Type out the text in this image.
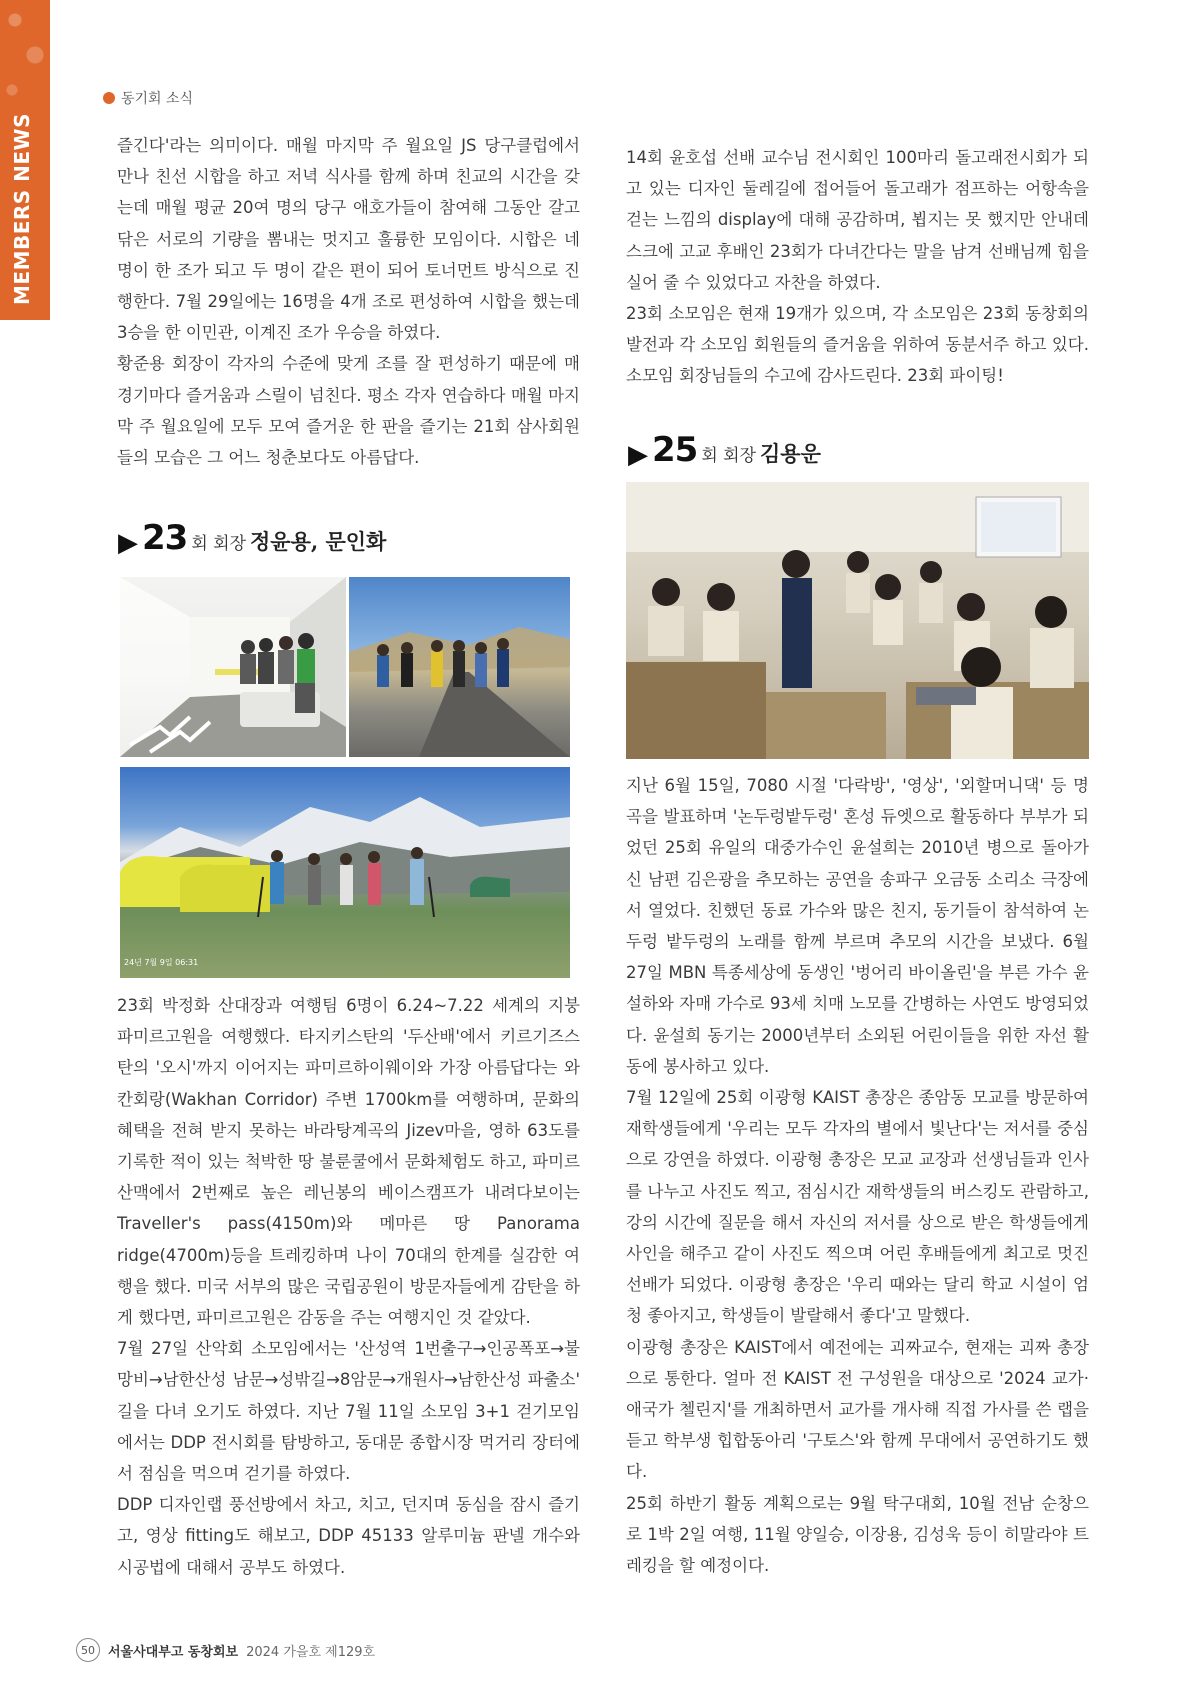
MEMBERS NEWS
동기회 소식

즐긴다'라는 의미이다. 매월 마지막 주 월요일 JS 당구클럽에서 만나 친선 시합을 하고 저녁 식사를 함께 하며 친교의 시간을 갖는데 매월 평균 20여 명의 당구 애호가들이 참여해 그동안 갈고 닦은 서로의 기량을 뽐내는 멋지고 훌륭한 모임이다. 시합은 네 명이 한 조가 되고 두 명이 같은 편이 되어 토너먼트 방식으로 진행한다. 7월 29일에는 16명을 4개 조로 편성하여 시합을 했는데 3승을 한 이민관, 이계진 조가 우승을 하였다.

황준용 회장이 각자의 수준에 맞게 조를 잘 편성하기 때문에 매 경기마다 즐거움과 스릴이 넘친다. 평소 각자 연습하다 매월 마지막 주 월요일에 모두 모여 즐거운 한 판을 즐기는 21회 삼사회원들의 모습은 그 어느 청춘보다도 아름답다.

▶ 23 회 회장 정윤용, 문인화
24년 7월 9일 06:31

23회 박정화 산대장과 여행팀 6명이 6.24~7.22 세계의 지붕 파미르고원을 여행했다. 타지키스탄의 '두산배'에서 키르기즈스탄의 '오시'까지 이어지는 파미르하이웨이와 가장 아름답다는 와칸회랑(Wakhan Corridor) 주변 1700km를 여행하며, 문화의 혜택을 전혀 받지 못하는 바라탕계곡의 Jizev마을, 영하 63도를 기록한 적이 있는 척박한 땅 불룬쿨에서 문화체험도 하고, 파미르산맥에서 2번째로 높은 레닌봉의 베이스캠프가 내려다보이는 Traveller's pass(4150m)와 메마른 땅 Panorama ridge(4700m)등을 트레킹하며 나이 70대의 한계를 실감한 여행을 했다. 미국 서부의 많은 국립공원이 방문자들에게 감탄을 하게 했다면, 파미르고원은 감동을 주는 여행지인 것 같았다.

7월 27일 산악회 소모임에서는 '산성역 1번출구→인공폭포→불망비→남한산성 남문→성밖길→8암문→개원사→남한산성 파출소' 길을 다녀 오기도 하였다. 지난 7월 11일 소모임 3+1 걷기모임에서는 DDP 전시회를 탐방하고, 동대문 종합시장 먹거리 장터에서 점심을 먹으며 걷기를 하였다.

DDP 디자인랩 풍선방에서 차고, 치고, 던지며 동심을 잠시 즐기고, 영상 fitting도 해보고, DDP 45133 알루미늄 판넬 개수와 시공법에 대해서 공부도 하였다.

14회 윤호섭 선배 교수님 전시회인 100마리 돌고래전시회가 되고 있는 디자인 둘레길에 접어들어 돌고래가 점프하는 어항속을 걷는 느낌의 display에 대해 공감하며, 뵙지는 못 했지만 안내데스크에 고교 후배인 23회가 다녀간다는 말을 남겨 선배님께 힘을 실어 줄 수 있었다고 자찬을 하였다.

23회 소모임은 현재 19개가 있으며, 각 소모임은 23회 동창회의 발전과 각 소모임 회원들의 즐거움을 위하여 동분서주 하고 있다. 소모임 회장님들의 수고에 감사드린다. 23회 파이팅!

▶ 25 회 회장 김용운

지난 6월 15일, 7080 시절 '다락방', '영상', '외할머니댁' 등 명곡을 발표하며 '논두렁밭두렁' 혼성 듀엣으로 활동하다 부부가 되었던 25회 유일의 대중가수인 윤설희는 2010년 병으로 돌아가신 남편 김은광을 추모하는 공연을 송파구 오금동 소리소 극장에서 열었다. 친했던 동료 가수와 많은 친지, 동기들이 참석하여 논두렁 밭두렁의 노래를 함께 부르며 추모의 시간을 보냈다. 6월 27일 MBN 특종세상에 동생인 '벙어리 바이올린'을 부른 가수 윤설하와 자매 가수로 93세 치매 노모를 간병하는 사연도 방영되었다. 윤설희 동기는 2000년부터 소외된 어린이들을 위한 자선 활동에 봉사하고 있다.

7월 12일에 25회 이광형 KAIST 총장은 종암동 모교를 방문하여 재학생들에게 '우리는 모두 각자의 별에서 빛난다'는 저서를 중심으로 강연을 하였다. 이광형 총장은 모교 교장과 선생님들과 인사를 나누고 사진도 찍고, 점심시간 재학생들의 버스킹도 관람하고, 강의 시간에 질문을 해서 자신의 저서를 상으로 받은 학생들에게 사인을 해주고 같이 사진도 찍으며 어린 후배들에게 최고로 멋진 선배가 되었다. 이광형 총장은 '우리 때와는 달리 학교 시설이 엄청 좋아지고, 학생들이 발랄해서 좋다'고 말했다.

이광형 총장은 KAIST에서 예전에는 괴짜교수, 현재는 괴짜 총장으로 통한다. 얼마 전 KAIST 전 구성원을 대상으로 '2024 교가·애국가 첼린지'를 개최하면서 교가를 개사해 직접 가사를 쓴 랩을 듣고 학부생 힙합동아리 '구토스'와 함께 무대에서 공연하기도 했다.

25회 하반기 활동 계획으로는 9월 탁구대회, 10월 전남 순창으로 1박 2일 여행, 11월 양일승, 이장용, 김성욱 등이 히말라야 트레킹을 할 예정이다.

50	서울사대부고 동창회보 2024 가을호 제129호
